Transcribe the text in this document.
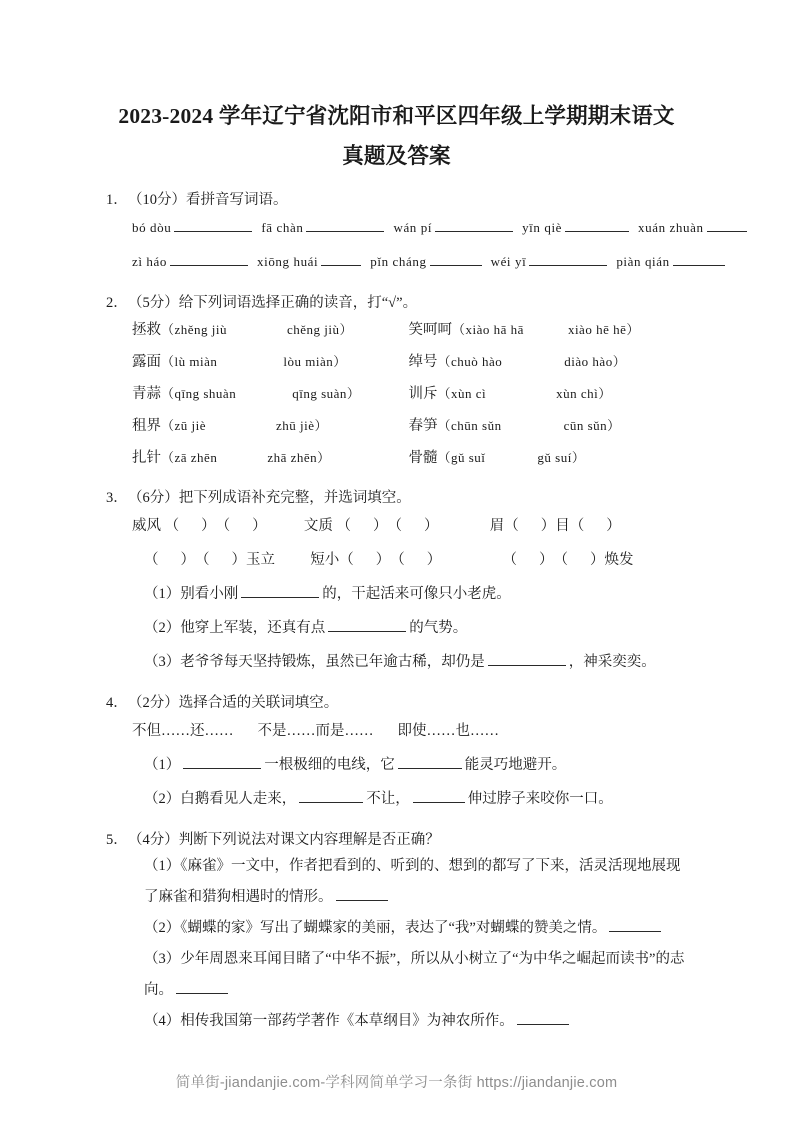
2023-2024 学年辽宁省沈阳市和平区四年级上学期期末语文
真题及答案
1．（10分）看拼音写词语。
bó dòu	fā chàn	wán pí	yīn qiè	xuán zhuàn
zì háo	xiōng huái	pǐn cháng	wéi yī	piàn qián
2．（5分）给下列词语选择正确的读音，打“√”。
拯救 （zhěng jiù	chěng jiù）	笑呵呵 （xiào hā hā	xiào hē hē）
露面 （lù miàn	lòu miàn）	绰号 （chuò hào	diào hào）
青蒜 （qīng shuàn	qīng suàn）	训斥 （xùn cì	xùn chì）
租界 （zū jiè	zhū jiè）	春笋 （chūn sǔn	cūn sǔn）
扎针 （zā zhēn	zhā zhēn）	骨髓 （gǔ suǐ	gǔ suí）
3．（6分）把下列成语补充完整，并选词填空。
威风 （ ）（ ）	文质 （ ）（ ）	眉（ ）目（ ）
（ ）（ ）玉立 短小（ ）（ ）	（ ）（ ）焕发
（1）别看小刚	的，干起活来可像只小老虎。
（2）他穿上军装，还真有点	的气势。
（3）老爷爷每天坚持锻炼，虽然已年逾古稀，却仍是	，神采奕奕。
4．（2分）选择合适的关联词填空。
不但……还…… 不是……而是…… 即使……也……
（1）	一根极细的电线，它	能灵巧地避开。
（2）白鹅看见人走来，	不让，	伸过脖子来咬你一口。
5．（4分）判断下列说法对课文内容理解是否正确？
（1）《麻雀》一文中，作者把看到的、听到的、想到的都写了下来，活灵活现地展现了麻雀和猎狗相遇时的情形。
（2）《蝴蝶的家》写出了蝴蝶家的美丽，表达了“我”对蝴蝶的赞美之情。
（3）少年周恩来耳闻目睹了“中华不振”，所以从小树立了“为中华之崛起而读书”的志向。
（4）相传我国第一部药学著作《本草纲目》为神农所作。
简单街-jiandanjie.com-学科网简单学习一条街 https://jiandanjie.com
